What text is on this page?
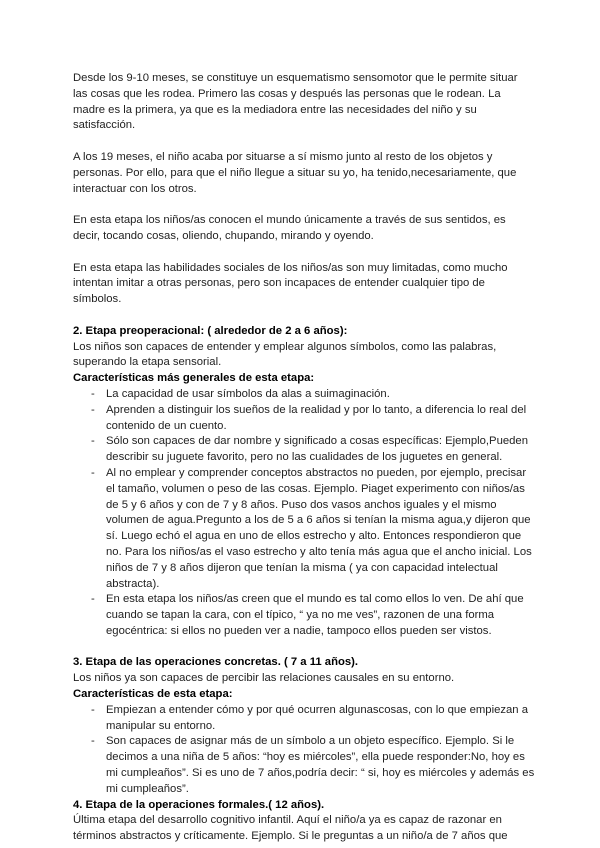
Desde los 9-10 meses, se constituye un esquematismo sensomotor que le permite situar las cosas que les rodea. Primero las cosas y después las personas que le rodean. La madre es la primera, ya que es la mediadora entre las necesidades del niño y su satisfacción.

A los 19 meses, el niño acaba por situarse a sí mismo junto al resto de los objetos y personas. Por ello, para que el niño llegue a situar su yo, ha tenido,necesariamente, que interactuar con los otros.

En esta etapa los niños/as conocen el mundo únicamente a través de sus sentidos, es decir, tocando cosas, oliendo, chupando, mirando y oyendo.

En esta etapa las habilidades sociales de los niños/as son muy limitadas, como mucho intentan imitar a otras personas, pero son incapaces de entender cualquier tipo de símbolos.

2. Etapa preoperacional: ( alrededor de 2 a 6 años):

Los niños son capaces de entender y emplear algunos símbolos, como las palabras, superando la etapa sensorial.

Características más generales de esta etapa:

- La capacidad de usar símbolos da alas a suimaginación.
- Aprenden a distinguir los sueños de la realidad y por lo tanto, a diferencia lo real del contenido de un cuento.
- Sólo son capaces de dar nombre y significado a cosas específicas: Ejemplo,Pueden describir su juguete favorito, pero no las cualidades de los juguetes en general.
- Al no emplear y comprender conceptos abstractos no pueden, por ejemplo, precisar el tamaño, volumen o peso de las cosas. Ejemplo. Piaget experimento con niños/as de 5 y 6 años y con de 7 y 8 años. Puso dos vasos anchos iguales y el mismo volumen de agua.Pregunto a los de 5 a 6 años si tenían la misma agua,y dijeron que sí. Luego echó el agua en uno de ellos estrecho y alto. Entonces respondieron que no. Para los niños/as el vaso estrecho y alto tenía más agua que el ancho inicial. Los niños de 7 y 8 años dijeron que tenían la misma ( ya con capacidad intelectual abstracta).
- En esta etapa los niños/as creen que el mundo es tal como ellos lo ven. De ahí que cuando se tapan la cara, con el típico, “ ya no me ves”, razonen de una forma egocéntrica: si ellos no pueden ver a nadie, tampoco ellos pueden ser vistos.

3. Etapa de las operaciones concretas. ( 7 a 11 años).

Los niños ya son capaces de percibir las relaciones causales en su entorno.

Características de esta etapa:

- Empiezan a entender cómo y por qué ocurren algunascosas, con lo que empiezan a manipular su entorno.
- Son capaces de asignar más de un símbolo a un objeto específico. Ejemplo. Si le decimos a una niña de 5 años: “hoy es miércoles”, ella puede responder:No, hoy es mi cumpleaños”. Si es uno de 7 años,podría decir: “ si, hoy es miércoles y además es mi cumpleaños”.

4. Etapa de la operaciones formales.( 12 años).

Última etapa del desarrollo cognitivo infantil. Aquí el niño/a ya es capaz de razonar en términos abstractos y críticamente. Ejemplo. Si le preguntas a un niño/a de 7 años que
